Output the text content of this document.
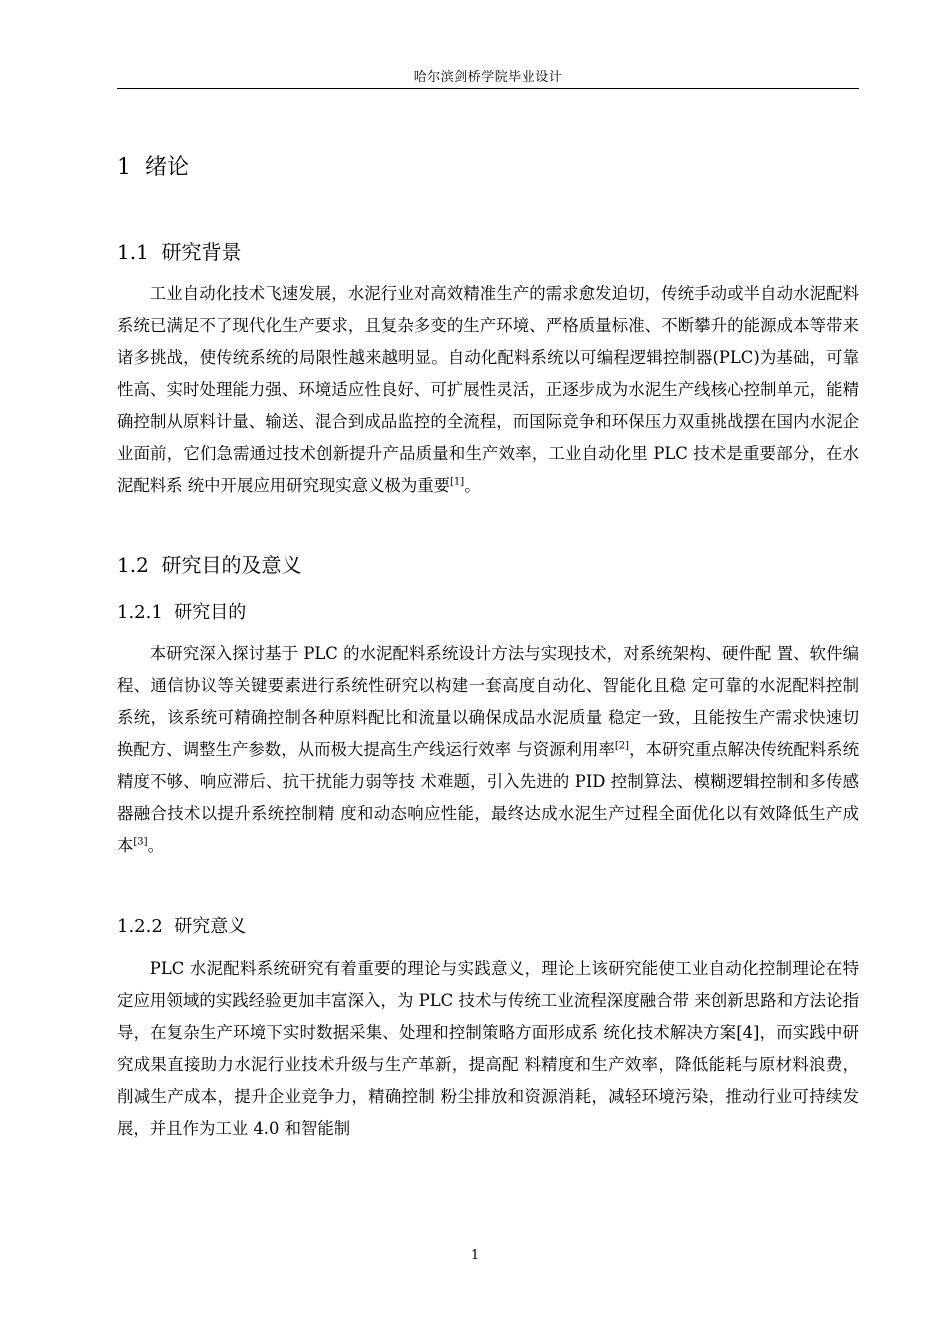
哈尔滨剑桥学院毕业设计
1 绪论
1.1 研究背景

工业自动化技术飞速发展，水泥行业对高效精准生产的需求愈发迫切，传统手动或半自动水泥配料系统已满足不了现代化生产要求，且复杂多变的生产环境、严格质量标准、不断攀升的能源成本等带来诸多挑战，使传统系统的局限性越来越明显。自动化配料系统以可编程逻辑控制器(PLC)为基础，可靠性高、实时处理能力强、环境适应性良好、可扩展性灵活，正逐步成为水泥生产线核心控制单元，能精确控制从原料计量、输送、混合到成品监控的全流程，而国际竞争和环保压力双重挑战摆在国内水泥企业面前，它们急需通过技术创新提升产品质量和生产效率，工业自动化里 PLC 技术是重要部分，在水泥配料系 统中开展应用研究现实意义极为重要[1]。

1.2 研究目的及意义
1.2.1 研究目的

本研究深入探讨基于 PLC 的水泥配料系统设计方法与实现技术，对系统架构、硬件配 置、软件编程、通信协议等关键要素进行系统性研究以构建一套高度自动化、智能化且稳 定可靠的水泥配料控制系统，该系统可精确控制各种原料配比和流量以确保成品水泥质量 稳定一致，且能按生产需求快速切换配方、调整生产参数，从而极大提高生产线运行效率 与资源利用率[2]，本研究重点解决传统配料系统精度不够、响应滞后、抗干扰能力弱等技 术难题，引入先进的 PID 控制算法、模糊逻辑控制和多传感器融合技术以提升系统控制精 度和动态响应性能，最终达成水泥生产过程全面优化以有效降低生产成本[3]。

1.2.2 研究意义

PLC 水泥配料系统研究有着重要的理论与实践意义，理论上该研究能使工业自动化控制理论在特定应用领域的实践经验更加丰富深入，为 PLC 技术与传统工业流程深度融合带 来创新思路和方法论指导，在复杂生产环境下实时数据采集、处理和控制策略方面形成系 统化技术解决方案[4]，而实践中研究成果直接助力水泥行业技术升级与生产革新，提高配 料精度和生产效率，降低能耗与原材料浪费，削减生产成本，提升企业竞争力，精确控制 粉尘排放和资源消耗，减轻环境污染，推动行业可持续发展，并且作为工业 4.0 和智能制

1
